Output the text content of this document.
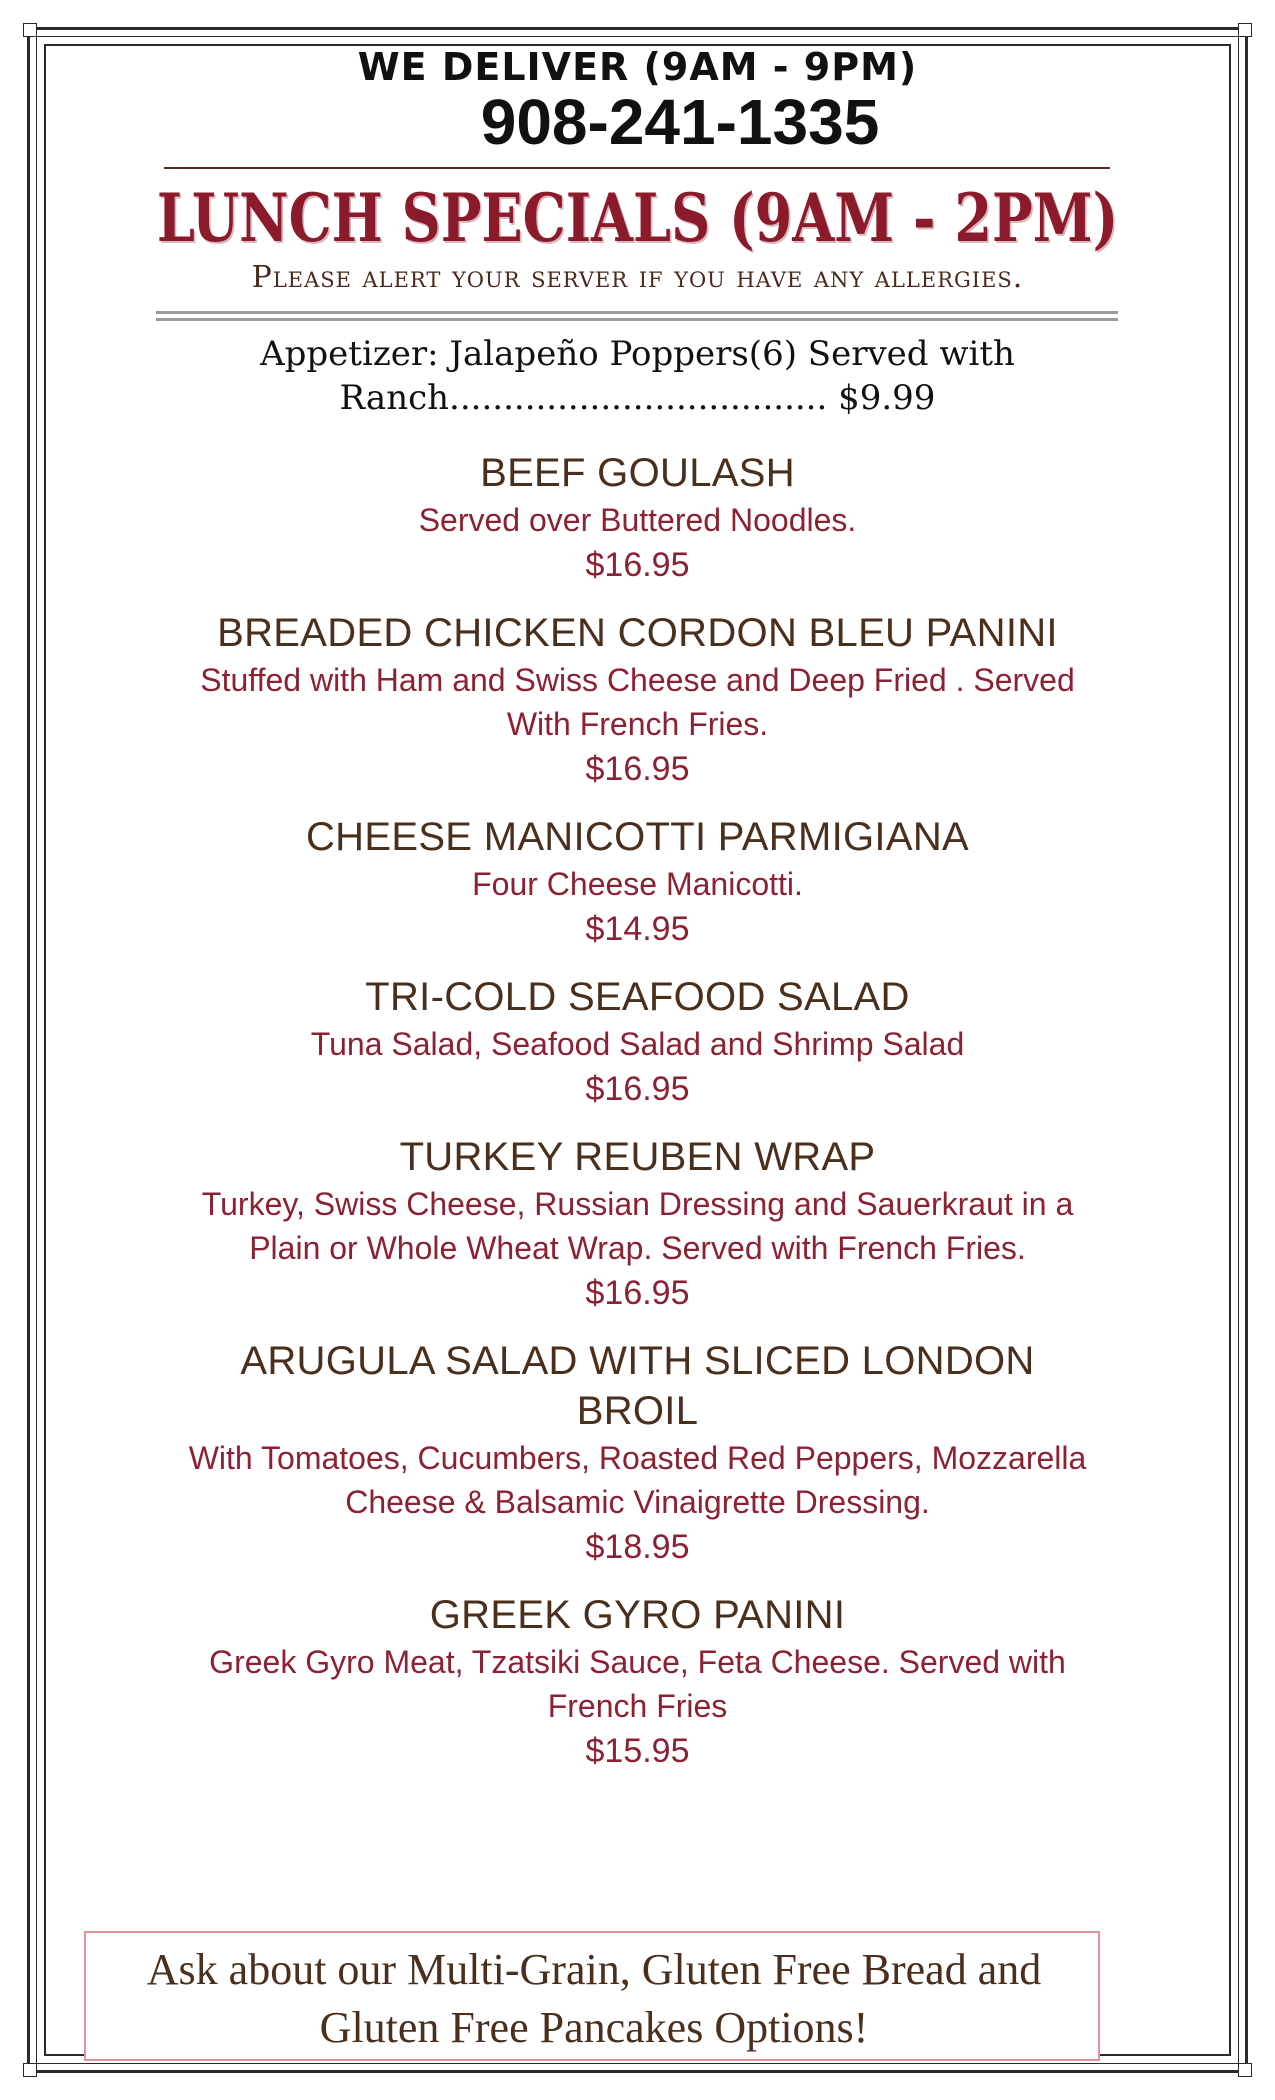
WE DELIVER (9AM - 9PM)
908-241-1335
LUNCH SPECIALS (9AM - 2PM)
Please alert your server if you have any allergies.
Appetizer: Jalapeño Poppers(6) Served with
Ranch................................... $9.99
BEEF GOULASH
Served over Buttered Noodles.
$16.95
BREADED CHICKEN CORDON BLEU PANINI
Stuffed with Ham and Swiss Cheese and Deep Fried . Served With French Fries.
$16.95
CHEESE MANICOTTI PARMIGIANA
Four Cheese Manicotti.
$14.95
TRI-COLD SEAFOOD SALAD
Tuna Salad, Seafood Salad and Shrimp Salad
$16.95
TURKEY REUBEN WRAP
Turkey, Swiss Cheese, Russian Dressing and Sauerkraut in a Plain or Whole Wheat Wrap. Served with French Fries.
$16.95
ARUGULA SALAD WITH SLICED LONDON BROIL
With Tomatoes, Cucumbers, Roasted Red Peppers, Mozzarella Cheese & Balsamic Vinaigrette Dressing.
$18.95
GREEK GYRO PANINI
Greek Gyro Meat, Tzatsiki Sauce, Feta Cheese. Served with French Fries
$15.95
Ask about our Multi-Grain, Gluten Free Bread and
Gluten Free Pancakes Options!
